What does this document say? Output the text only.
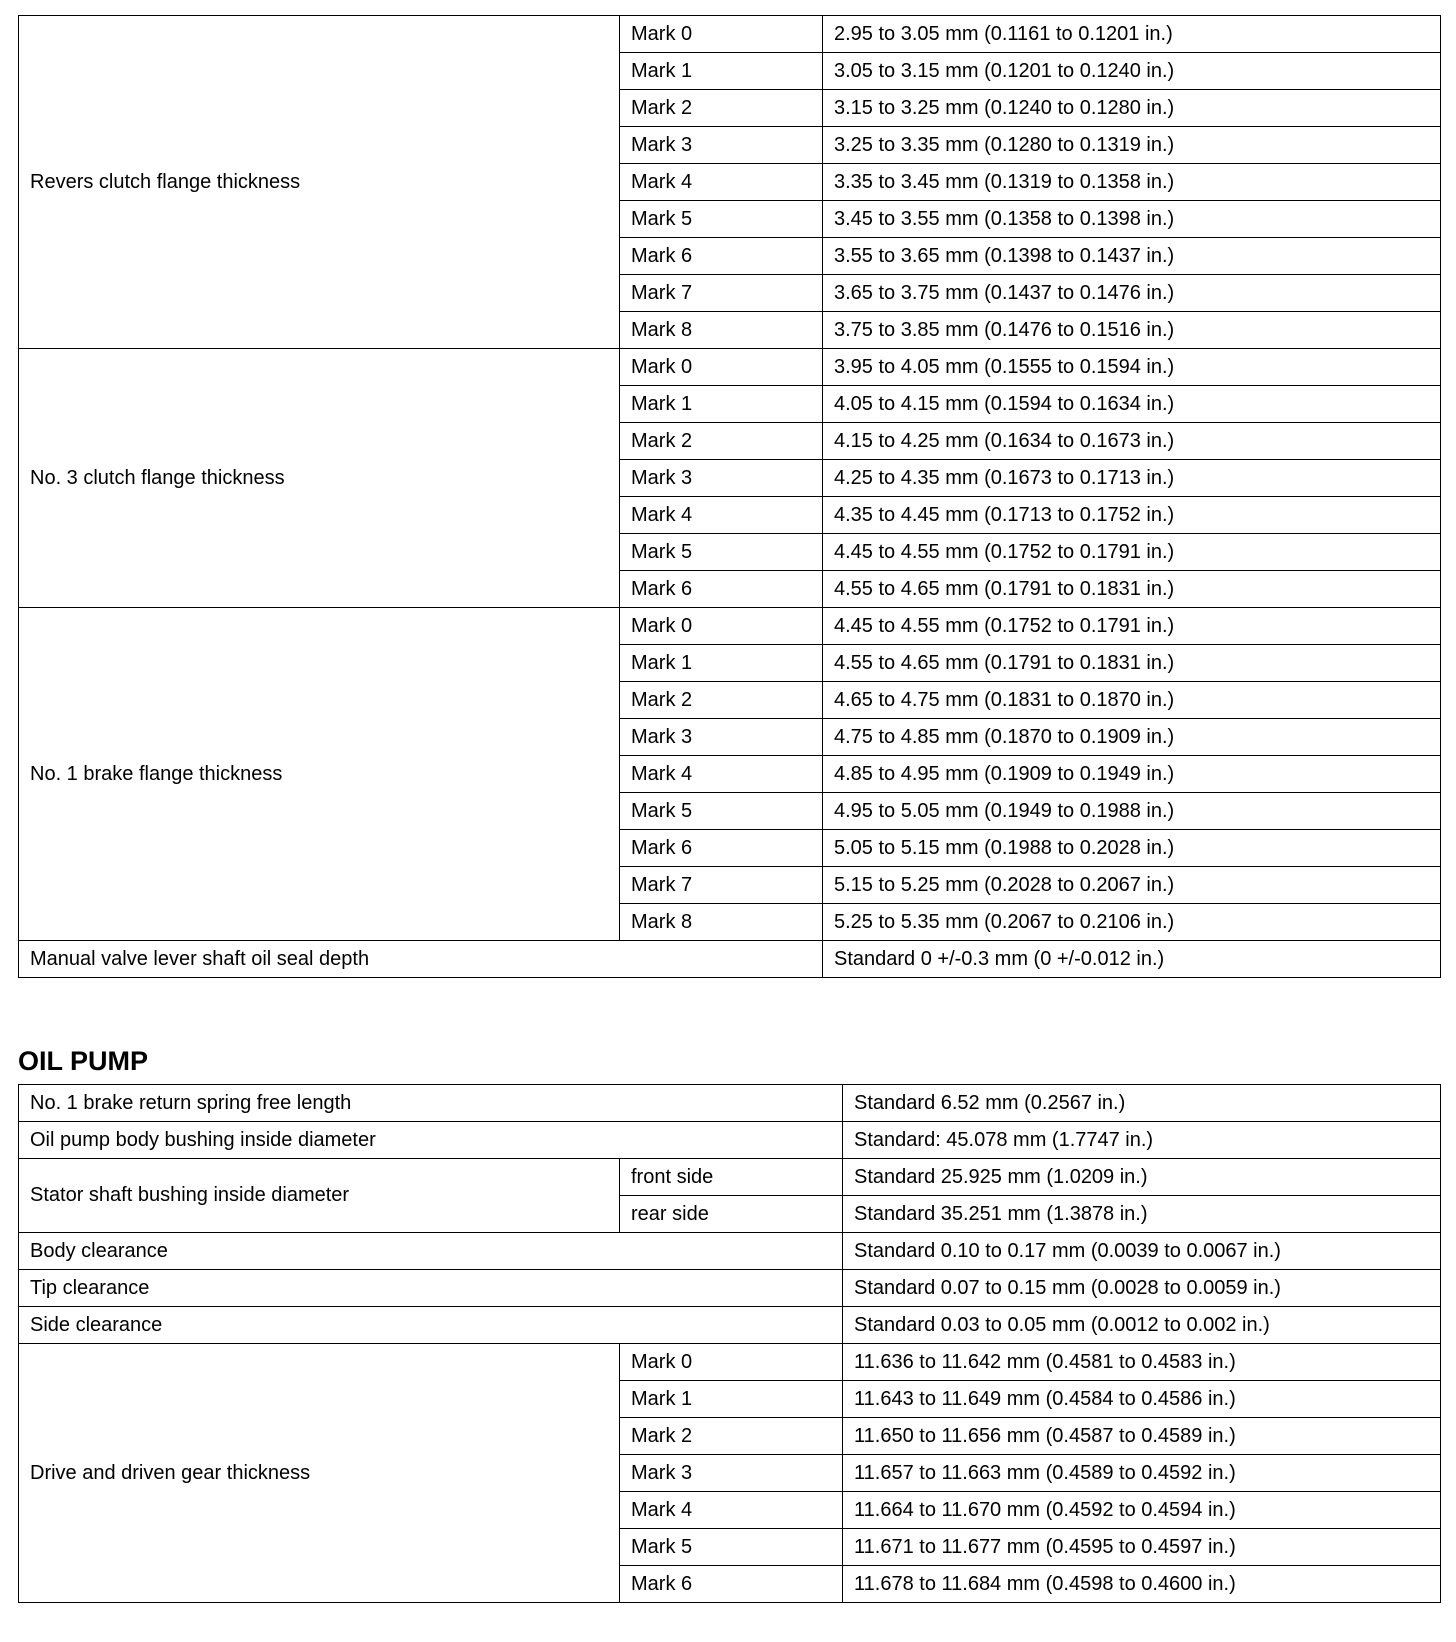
Revers clutch flange thickness	Mark 0	2.95 to 3.05 mm (0.1161 to 0.1201 in.)
	Mark 1	3.05 to 3.15 mm (0.1201 to 0.1240 in.)
	Mark 2	3.15 to 3.25 mm (0.1240 to 0.1280 in.)
	Mark 3	3.25 to 3.35 mm (0.1280 to 0.1319 in.)
	Mark 4	3.35 to 3.45 mm (0.1319 to 0.1358 in.)
	Mark 5	3.45 to 3.55 mm (0.1358 to 0.1398 in.)
	Mark 6	3.55 to 3.65 mm (0.1398 to 0.1437 in.)
	Mark 7	3.65 to 3.75 mm (0.1437 to 0.1476 in.)
	Mark 8	3.75 to 3.85 mm (0.1476 to 0.1516 in.)
No. 3 clutch flange thickness	Mark 0	3.95 to 4.05 mm (0.1555 to 0.1594 in.)
	Mark 1	4.05 to 4.15 mm (0.1594 to 0.1634 in.)
	Mark 2	4.15 to 4.25 mm (0.1634 to 0.1673 in.)
	Mark 3	4.25 to 4.35 mm (0.1673 to 0.1713 in.)
	Mark 4	4.35 to 4.45 mm (0.1713 to 0.1752 in.)
	Mark 5	4.45 to 4.55 mm (0.1752 to 0.1791 in.)
	Mark 6	4.55 to 4.65 mm (0.1791 to 0.1831 in.)
No. 1 brake flange thickness	Mark 0	4.45 to 4.55 mm (0.1752 to 0.1791 in.)
	Mark 1	4.55 to 4.65 mm (0.1791 to 0.1831 in.)
	Mark 2	4.65 to 4.75 mm (0.1831 to 0.1870 in.)
	Mark 3	4.75 to 4.85 mm (0.1870 to 0.1909 in.)
	Mark 4	4.85 to 4.95 mm (0.1909 to 0.1949 in.)
	Mark 5	4.95 to 5.05 mm (0.1949 to 0.1988 in.)
	Mark 6	5.05 to 5.15 mm (0.1988 to 0.2028 in.)
	Mark 7	5.15 to 5.25 mm (0.2028 to 0.2067 in.)
	Mark 8	5.25 to 5.35 mm (0.2067 to 0.2106 in.)
Manual valve lever shaft oil seal depth		Standard 0 +/-0.3 mm (0 +/-0.012 in.)
OIL PUMP
No. 1 brake return spring free length		Standard 6.52 mm (0.2567 in.)
Oil pump body bushing inside diameter		Standard: 45.078 mm (1.7747 in.)
Stator shaft bushing inside diameter	front side	Standard 25.925 mm (1.0209 in.)
	rear side	Standard 35.251 mm (1.3878 in.)
Body clearance		Standard 0.10 to 0.17 mm (0.0039 to 0.0067 in.)
Tip clearance		Standard 0.07 to 0.15 mm (0.0028 to 0.0059 in.)
Side clearance		Standard 0.03 to 0.05 mm (0.0012 to 0.002 in.)
Drive and driven gear thickness	Mark 0	11.636 to 11.642 mm (0.4581 to 0.4583 in.)
	Mark 1	11.643 to 11.649 mm (0.4584 to 0.4586 in.)
	Mark 2	11.650 to 11.656 mm (0.4587 to 0.4589 in.)
	Mark 3	11.657 to 11.663 mm (0.4589 to 0.4592 in.)
	Mark 4	11.664 to 11.670 mm (0.4592 to 0.4594 in.)
	Mark 5	11.671 to 11.677 mm (0.4595 to 0.4597 in.)
	Mark 6	11.678 to 11.684 mm (0.4598 to 0.4600 in.)
